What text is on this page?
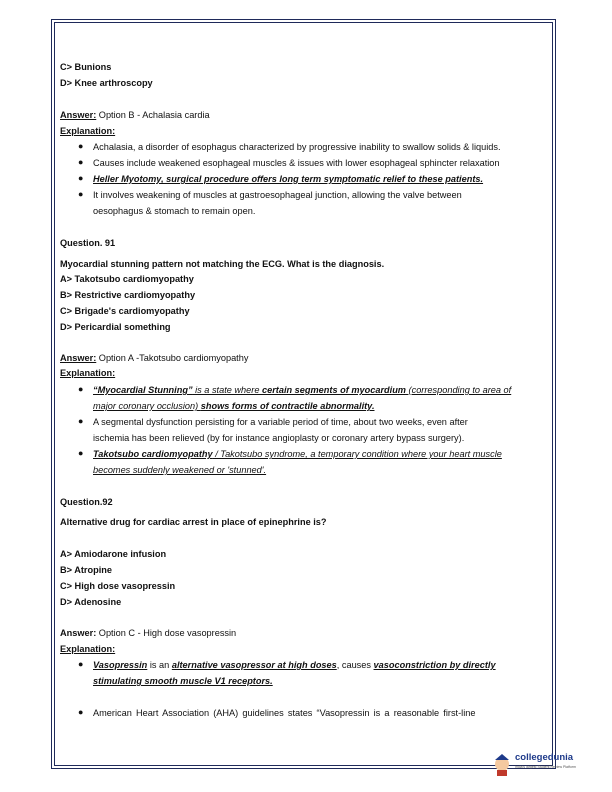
C> Bunions
D> Knee arthroscopy
Answer: Option B - Achalasia cardia
Explanation:
● Achalasia, a disorder of esophagus characterized by progressive inability to swallow solids & liquids.
● Causes include weakened esophageal muscles & issues with lower esophageal sphincter relaxation
● Heller Myotomy, surgical procedure offers long term symptomatic relief to these patients.
● It involves weakening of muscles at gastroesophageal junction, allowing the valve between
oesophagus & stomach to remain open.
Question. 91
Myocardial stunning pattern not matching the ECG. What is the diagnosis.
A> Takotsubo cardiomyopathy
B> Restrictive cardiomyopathy
C> Brigade's cardiomyopathy
D> Pericardial something
Answer: Option A -Takotsubo cardiomyopathy
Explanation:
● “Myocardial Stunning” is a state where certain segments of myocardium (corresponding to area of
major coronary occlusion) shows forms of contractile abnormality.
● A segmental dysfunction persisting for a variable period of time, about two weeks, even after
ischemia has been relieved (by for instance angioplasty or coronary artery bypass surgery).
● Takotsubo cardiomyopathy / Takotsubo syndrome, a temporary condition where your heart muscle
becomes suddenly weakened or 'stunned'.
Question.92
Alternative drug for cardiac arrest in place of epinephrine is?
A> Amiodarone infusion
B> Atropine
C> High dose vasopressin
D> Adenosine
Answer: Option C - High dose vasopressin
Explanation:
● Vasopressin is an alternative vasopressor at high doses, causes vasoconstriction by directly
stimulating smooth muscle V1 receptors.
● American Heart Association (AHA) guidelines states “Vasopressin is a reasonable first-line
collegedunia
India's largest Student Review Platform
